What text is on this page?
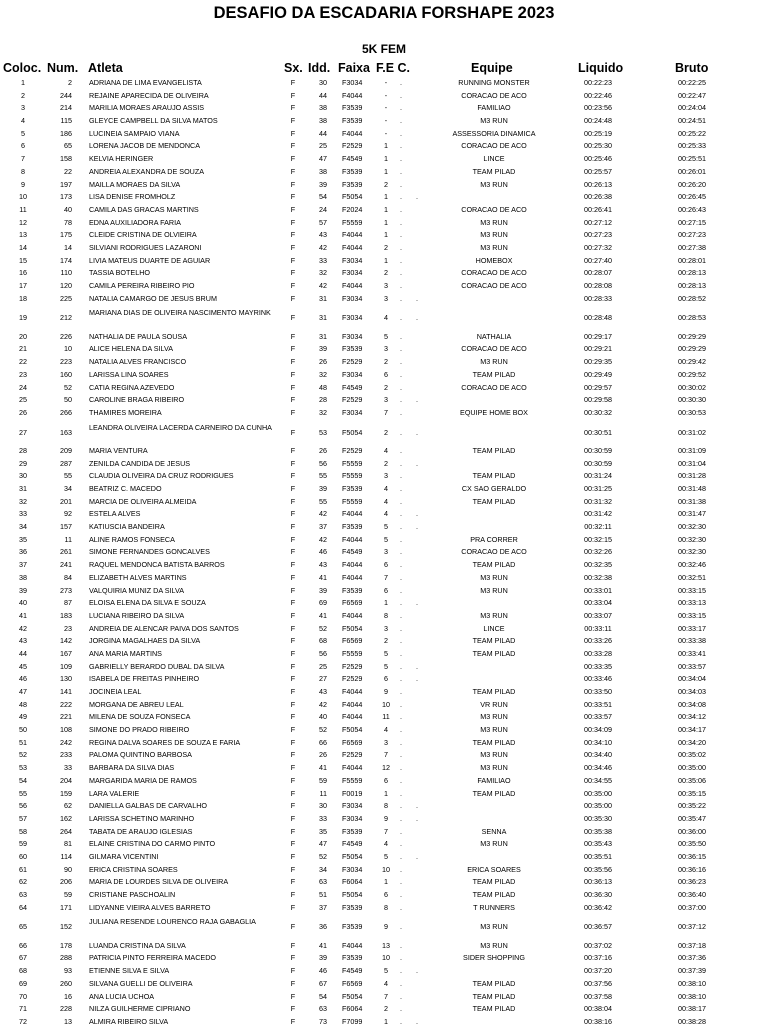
DESAFIO DA ESCADARIA FORSHAPE 2023
5K FEM
Coloc. Num. Atleta	Sx. Idd. Faixa F.E C.	Equipe	Liquido	Bruto
1	2 ADRIANA DE LIMA EVANGELISTA	F	30 F3034	-	.	RUNNING MONSTER	00:22:23	00:22:25
2	244 REJAINE APARECIDA DE OLIVEIRA	F	44 F4044	-	.	CORACAO DE ACO	00:22:46	00:22:47
3	214 MARILIA MORAES ARAUJO ASSIS	F	38 F3539	-	.	FAMILIAO	00:23:56	00:24:04
4	115 GLEYCE CAMPBELL DA SILVA MATOS	F	38 F3539	-	.	M3 RUN	00:24:48	00:24:51
5	186 LUCINEIA SAMPAIO VIANA	F	44 F4044	-	.	ASSESSORIA DINAMICA	00:25:19	00:25:22
6	65 LORENA JACOB DE MENDONCA	F	25 F2529	1	.	CORACAO DE ACO	00:25:30	00:25:33
7	158 KELVIA HERINGER	F	47 F4549	1	.	LINCE	00:25:46	00:25:51
8	22 ANDREIA ALEXANDRA DE SOUZA	F	38 F3539	1	.	TEAM PILAD	00:25:57	00:26:01
9	197 MAILLA MORAES DA SILVA	F	39 F3539	2	.	M3 RUN	00:26:13	00:26:20
10	173 LISA DENISE FROMHOLZ	F	54 F5054	1	. .	00:26:38	00:26:45
11	40 CAMILA DAS GRACAS MARTINS	F	24 F2024	1	.	CORACAO DE ACO	00:26:41	00:26:43
12	78 EDNA AUXILIADORA FARIA	F	57 F5559	1	.	M3 RUN	00:27:12	00:27:15
13	175 CLEIDE CRISTINA DE OLVIEIRA	F	43 F4044	1	.	M3 RUN	00:27:23	00:27:23
14	14 SILVIANI RODRIGUES LAZARONI	F	42 F4044	2	.	M3 RUN	00:27:32	00:27:38
15	174 LIVIA MATEUS DUARTE DE AGUIAR	F	33 F3034	1	.	HOMEBOX	00:27:40	00:28:01
16	110 TASSIA BOTELHO	F	32 F3034	2	.	CORACAO DE ACO	00:28:07	00:28:13
17	120 CAMILA PEREIRA RIBEIRO PIO	F	42 F4044	3	.	CORACAO DE ACO	00:28:08	00:28:13
18	225 NATALIA CAMARGO DE JESUS BRUM	F	31 F3034	3	. .	00:28:33	00:28:52
19	212
MARIANA DIAS DE OLIVEIRA NASCIMENTO MAYRINK
F	31 F3034	4	. .	00:28:48	00:28:53
20	226 NATHALIA DE PAULA SOUSA	F	31 F3034	5	.	NATHALIA	00:29:17	00:29:29
21	10 ALICE HELENA DA SILVA	F	39 F3539	3	.	CORACAO DE ACO	00:29:21	00:29:29
22	223 NATALIA ALVES FRANCISCO	F	26 F2529	2	.	M3 RUN	00:29:35	00:29:42
23	160 LARISSA LINA SOARES	F	32 F3034	6	.	TEAM PILAD	00:29:49	00:29:52
24	52 CATIA REGINA AZEVEDO	F	48 F4549	2	.	CORACAO DE ACO	00:29:57	00:30:02
25	50 CAROLINE BRAGA RIBEIRO	F	28 F2529	3	. .	00:29:58	00:30:30
26	266 THAMIRES MOREIRA	F	32 F3034	7	.	EQUIPE HOME BOX	00:30:32	00:30:53
27	163
LEANDRA OLIVEIRA LACERDA CARNEIRO DA CUNHA
F	53 F5054	2	. .	00:30:51	00:31:02
28	209 MARIA VENTURA	F	26 F2529	4	.	TEAM PILAD	00:30:59	00:31:09
29	287 ZENILDA CANDIDA DE JESUS	F	56 F5559	2	. .	00:30:59	00:31:04
30	55 CLAUDIA OLIVEIRA DA CRUZ RODRIGUES	F	55 F5559	3	.	TEAM PILAD	00:31:24	00:31:28
31	34 BEATRIZ C. MACEDO	F	39 F3539	4	.	CX SAO GERALDO	00:31:25	00:31:48
32	201 MARCIA DE OLIVEIRA ALMEIDA	F	55 F5559	4	.	TEAM PILAD	00:31:32	00:31:38
33	92 ESTELA ALVES	F	42 F4044	4	. .	00:31:42	00:31:47
34	157 KATIUSCIA BANDEIRA	F	37 F3539	5	. .	00:32:11	00:32:30
35	11 ALINE RAMOS FONSECA	F	42 F4044	5	.	PRA CORRER	00:32:15	00:32:30
36	261 SIMONE FERNANDES GONCALVES	F	46 F4549	3	.	CORACAO DE ACO	00:32:26	00:32:30
37	241 RAQUEL MENDONCA BATISTA BARROS	F	43 F4044	6	.	TEAM PILAD	00:32:35	00:32:46
38	84 ELIZABETH ALVES MARTINS	F	41 F4044	7	.	M3 RUN	00:32:38	00:32:51
39	273 VALQUIRIA MUNIZ DA SILVA	F	39 F3539	6	.	M3 RUN	00:33:01	00:33:15
40	87 ELOISA ELENA DA SILVA E SOUZA	F	69 F6569	1	. .	00:33:04	00:33:13
41	183 LUCIANA RIBEIRO DA SILVA	F	41 F4044	8	.	M3 RUN	00:33:07	00:33:15
42	23 ANDREIA DE ALENCAR PAIVA DOS SANTOS	F	52 F5054	3	.	LINCE	00:33:11	00:33:17
43	142 JORGINA MAGALHAES DA SILVA	F	68 F6569	2	.	TEAM PILAD	00:33:26	00:33:38
44	167 ANA MARIA MARTINS	F	56 F5559	5	.	TEAM PILAD	00:33:28	00:33:41
45	109 GABRIELLY BERARDO DUBAL DA SILVA	F	25 F2529	5	. .	00:33:35	00:33:57
46	130 ISABELA DE FREITAS PINHEIRO	F	27 F2529	6	. .	00:33:46	00:34:04
47	141 JOCINEIA LEAL	F	43 F4044	9	.	TEAM PILAD	00:33:50	00:34:03
48	222 MORGANA DE ABREU LEAL	F	42 F4044	10 .	VR RUN	00:33:51	00:34:08
49	221 MILENA DE SOUZA FONSECA	F	40 F4044	11	.	M3 RUN	00:33:57	00:34:12
50	108 SIMONE DO PRADO RIBEIRO	F	52 F5054	4	.	M3 RUN	00:34:09	00:34:17
51	242 REGINA DALVA SOARES DE SOUZA E FARIA	F	66 F6569	3	.	TEAM PILAD	00:34:10	00:34:20
52	233 PALOMA QUINTINO BARBOSA	F	26 F2529	7	.	M3 RUN	00:34:40	00:35:02
53	33 BARBARA DA SILVA DIAS	F	41 F4044	12 .	M3 RUN	00:34:46	00:35:00
54	204 MARGARIDA MARIA DE RAMOS	F	59 F5559	6	.	FAMILIAO	00:34:55	00:35:06
55	159 LARA VALERIE	F	11 F0019	1	.	TEAM PILAD	00:35:00	00:35:15
56	62 DANIELLA GALBAS DE CARVALHO	F	30 F3034	8	. .	00:35:00	00:35:22
57	162 LARISSA SCHETINO MARINHO	F	33 F3034	9	. .	00:35:30	00:35:47
58	264 TABATA DE ARAUJO IGLESIAS	F	35 F3539	7	.	SENNA	00:35:38	00:36:00
59	81 ELAINE CRISTINA DO CARMO PINTO	F	47 F4549	4	.	M3 RUN	00:35:43	00:35:50
60	114 GILMARA VICENTINI	F	52 F5054	5	. .	00:35:51	00:36:15
61	90 ERICA CRISTINA SOARES	F	34 F3034	10 .	ERICA SOARES	00:35:56	00:36:16
62	206 MARIA DE LOURDES SILVA DE OLIVEIRA	F	63 F6064	1	.	TEAM PILAD	00:36:13	00:36:23
63	59 CRISTIANE PASCHOALIN	F	51 F5054	6	.	TEAM PILAD	00:36:30	00:36:40
64	171 LIDYANNE VIEIRA ALVES BARRETO	F	37 F3539	8	.	T RUNNERS	00:36:42	00:37:00
65	152
JULIANA RESENDE LOURENCO RAJA GABAGLIA
F	36 F3539	9	.	M3 RUN	00:36:57	00:37:12
66	178 LUANDA CRISTINA DA SILVA	F	41 F4044	13 .	M3 RUN	00:37:02	00:37:18
67	288 PATRICIA PINTO FERREIRA MACEDO	F	39 F3539	10 .	SIDER SHOPPING	00:37:16	00:37:36
68	93 ETIENNE SILVA E SILVA	F	46 F4549	5	. .	00:37:20	00:37:39
69	260 SILVANA GUELLI DE OLIVEIRA	F	67 F6569	4	.	TEAM PILAD	00:37:56	00:38:10
70	16 ANA LUCIA UCHOA	F	54 F5054	7	.	TEAM PILAD	00:37:58	00:38:10
71	228 NILZA GUILHERME CIPRIANO	F	63 F6064	2	.	TEAM PILAD	00:38:04	00:38:17
72	13 ALMIRA RIBEIRO SILVA	F	73 F7099	1	. .	00:38:16	00:38:28
